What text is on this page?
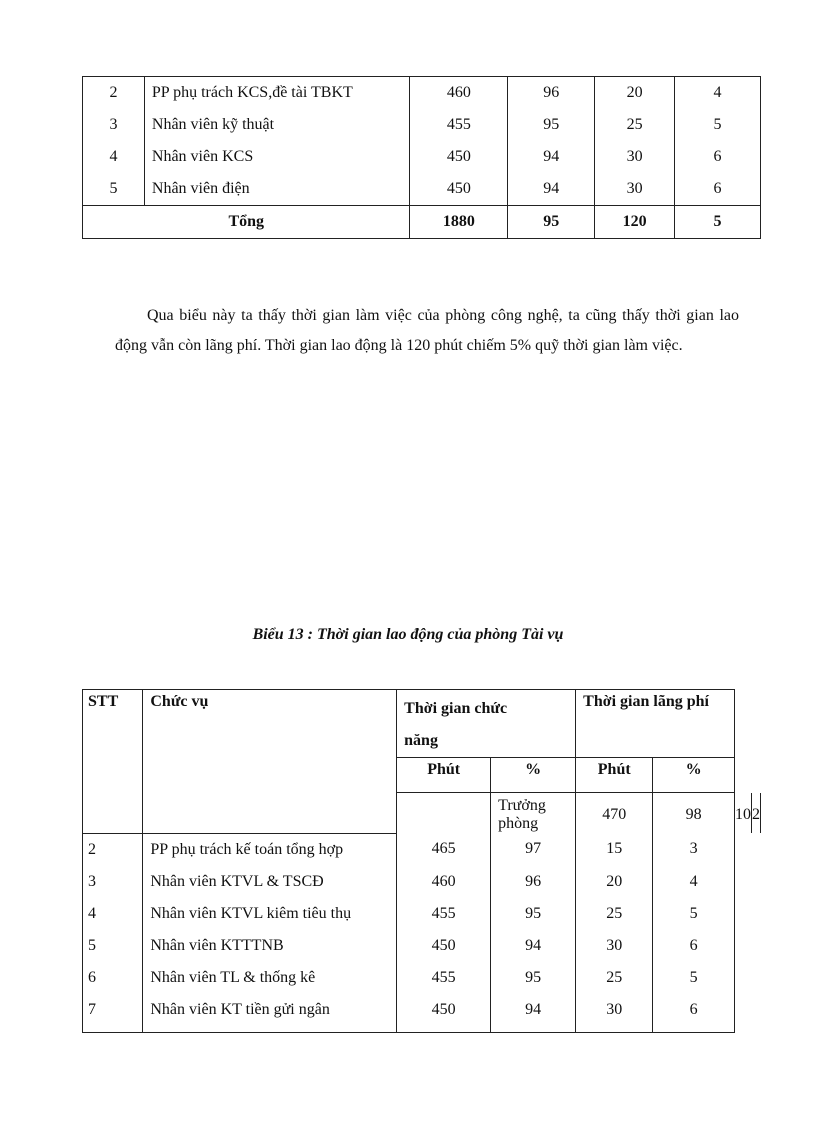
2	PP phụ trách KCS,đề tài TBKT	460	96	20	4
3	Nhân viên kỹ thuật	455	95	25	5
4	Nhân viên KCS	450	94	30	6
5	Nhân viên điện	450	94	30	6
Tổng		1880	95	120	5

Qua biểu này ta thấy thời gian làm việc của phòng công nghệ, ta cũng thấy thời gian lao động vẫn còn lãng phí. Thời gian lao động là 120 phút chiếm 5% quỹ thời gian làm việc.

Biểu 13 : Thời gian lao động của phòng Tài vụ
STT	Chức vụ	Thời gian chức năng		Thời gian lãng phí			
		Phút	%	Phút	%		
			Trưởng phòng	470	98	10	2
2	PP phụ trách kế toán tổng hợp	465	97	15	3		
3	Nhân viên KTVL & TSCĐ	460	96	20	4		
4	Nhân viên KTVL kiêm tiêu thụ	455	95	25	5		
5	Nhân viên KTTTNB	450	94	30	6		
6	Nhân viên TL & thống kê	455	95	25	5		
7	Nhân viên KT tiền gửi ngân	450	94	30	6		
